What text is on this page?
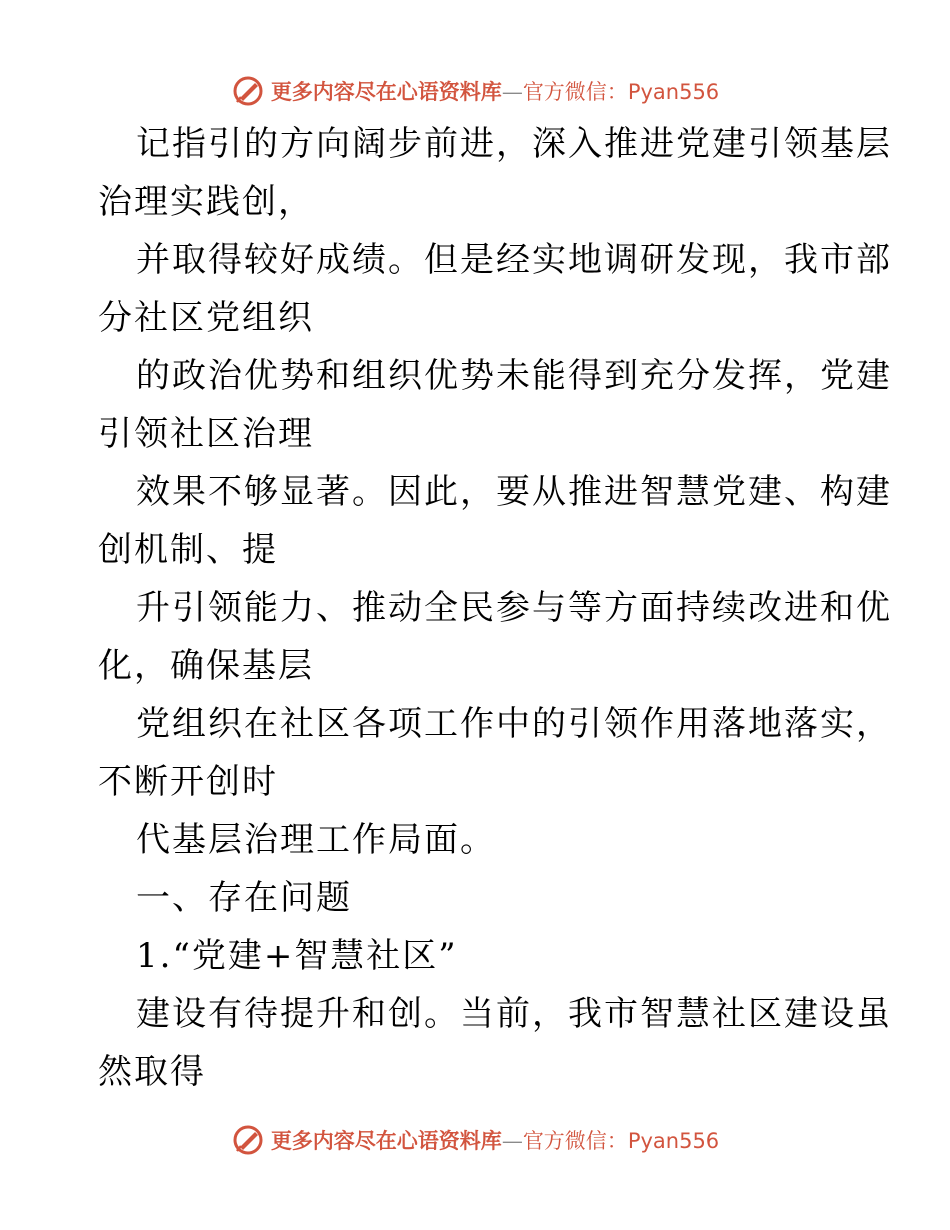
更多内容尽在心语资料库—官方微信：Pyan556
记指引的方向阔步前进，深入推进党建引领基层
治理实践创，
并取得较好成绩。但是经实地调研发现，我市部
分社区党组织
的政治优势和组织优势未能得到充分发挥，党建
引领社区治理
效果不够显著。因此，要从推进智慧党建、构建
创机制、提
升引领能力、推动全民参与等方面持续改进和优
化，确保基层
党组织在社区各项工作中的引领作用落地落实，
不断开创时
代基层治理工作局面。
一、存在问题
1.“党建+智慧社区”
建设有待提升和创。当前，我市智慧社区建设虽
然取得
更多内容尽在心语资料库—官方微信：Pyan556
